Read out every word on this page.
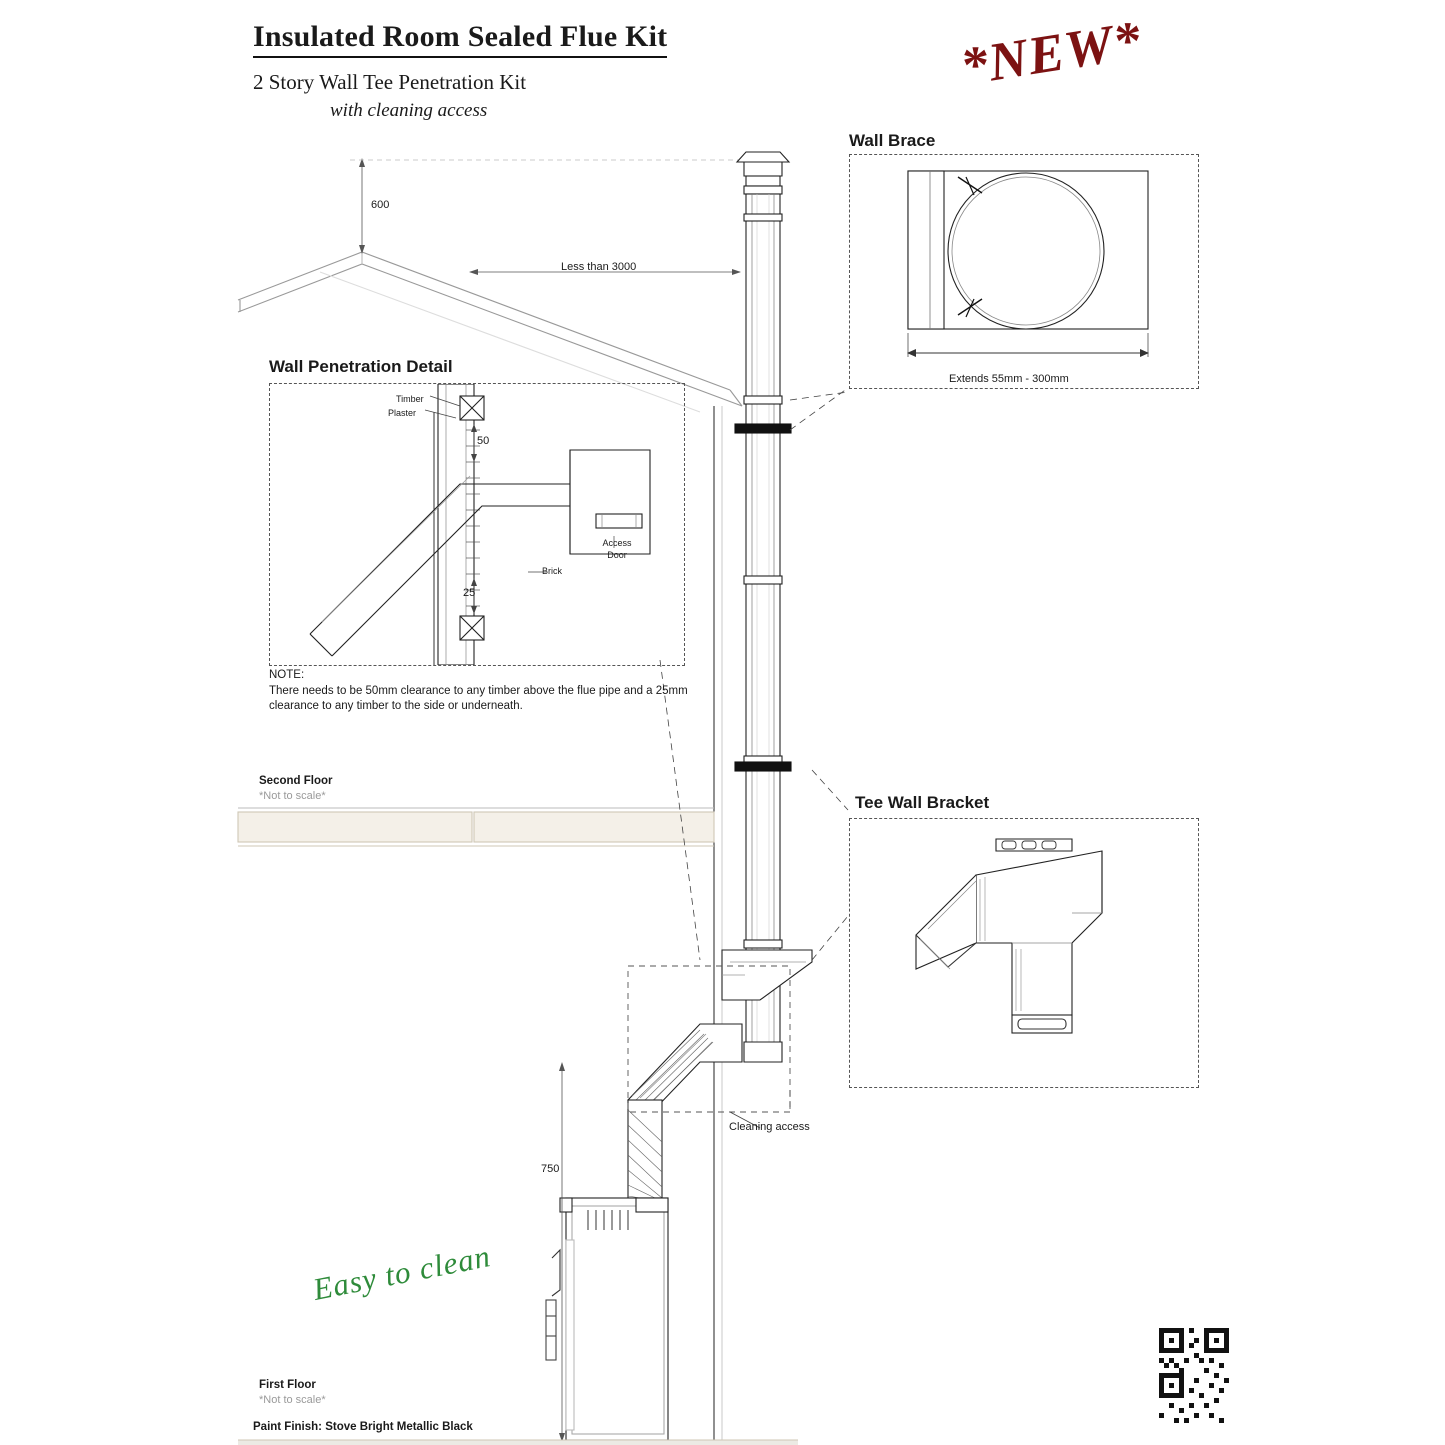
Insulated Room Sealed Flue Kit
2 Story Wall Tee Penetration Kit
with cleaning access
*NEW*
600
Less than 3000
750
Wall Brace
Extends 55mm - 300mm
Wall Penetration Detail
Timber
Plaster
Brick
Access
Door
50
25
NOTE:
There needs to be 50mm clearance to any timber above the flue pipe and a 25mm clearance to any timber to the side or underneath.
Tee Wall Bracket
Cleaning access
Second Floor
*Not to scale*
First Floor
*Not to scale*
Easy to clean
Paint Finish: Stove Bright Metallic Black
